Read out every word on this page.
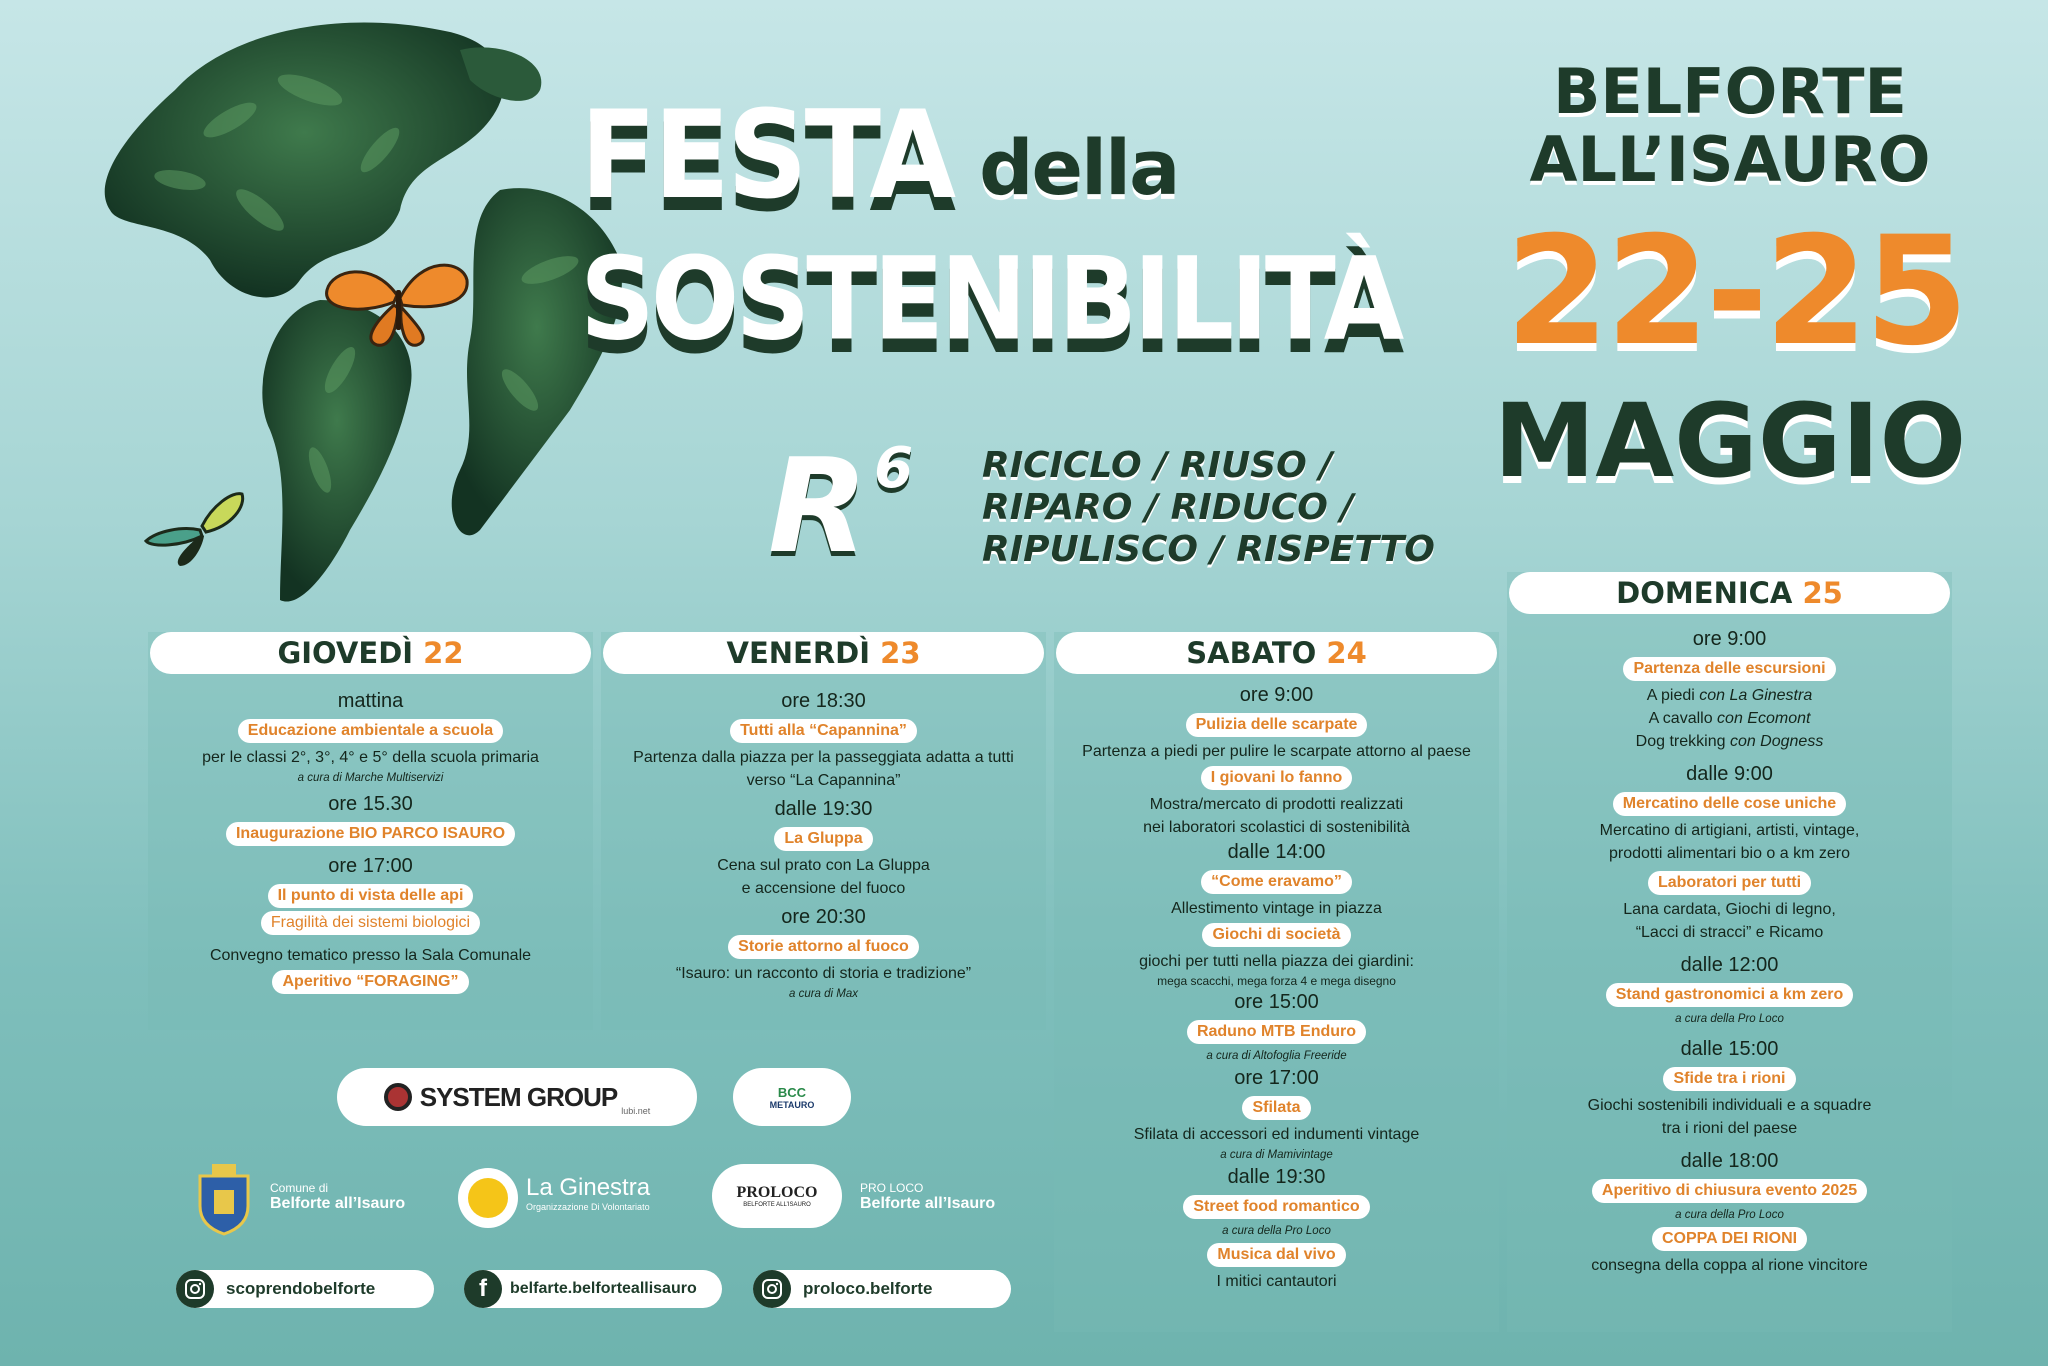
FESTA della
SOSTENIBILITÀ
R $^6$ RICICLO / RIUSO /
RIPARO / RIDUCO /
RIPULISCO / RISPETTO
BELFORTE
ALL’ISAURO
22-25
MAGGIO
GIOVEDÌ 22
mattina
Educazione ambientale a scuola
per le classi 2°, 3°, 4° e 5° della scuola primaria
a cura di Marche Multiservizi
ore 15.30
Inaugurazione BIO PARCO ISAURO
ore 17:00
Il punto di vista delle api
Fragilità dei sistemi biologici
Convegno tematico presso la Sala Comunale
Aperitivo “FORAGING”
VENERDÌ 23
ore 18:30
Tutti alla “Capannina”
Partenza dalla piazza per la passeggiata adatta a tutti
verso “La Capannina”
dalle 19:30
La Gluppa
Cena sul prato con La Gluppa
e accensione del fuoco
ore 20:30
Storie attorno al fuoco
“Isauro: un racconto di storia e tradizione”
a cura di Max
SABATO 24
ore 9:00
Pulizia delle scarpate
Partenza a piedi per pulire le scarpate attorno al paese
I giovani lo fanno
Mostra/mercato di prodotti realizzati
nei laboratori scolastici di sostenibilità
dalle 14:00
“Come eravamo”
Allestimento vintage in piazza
Giochi di società
giochi per tutti nella piazza dei giardini:
mega scacchi, mega forza 4 e mega disegno
ore 15:00
Raduno MTB Enduro
a cura di Altofoglia Freeride
ore 17:00
Sfilata
Sfilata di accessori ed indumenti vintage
a cura di Mamivintage
dalle 19:30
Street food romantico
a cura della Pro Loco
Musica dal vivo
I mitici cantautori
DOMENICA 25
ore 9:00
Partenza delle escursioni
A piedi con La Ginestra
A cavallo con Ecomont
Dog trekking con Dogness
dalle 9:00
Mercatino delle cose uniche
Mercatino di artigiani, artisti, vintage,
prodotti alimentari bio o a km zero
Laboratori per tutti
Lana cardata, Giochi di legno,
“Lacci di stracci” e Ricamo
dalle 12:00
Stand gastronomici a km zero
a cura della Pro Loco
dalle 15:00
Sfide tra i rioni
Giochi sostenibili individuali e a squadre
tra i rioni del paese
dalle 18:00
Aperitivo di chiusura evento 2025
a cura della Pro Loco
COPPA DEI RIONI
consegna della coppa al rione vincitore
SYSTEM GROUP lubi.net
BCC
METAURO
Comune di
Belforte all’Isauro
La Ginestra
Organizzazione Di Volontariato
PROLOCO
BELFORTE ALL’ISAURO
PRO LOCO
Belforte all’Isauro
scoprendobelforte	f belfarte.belforteallisauro	proloco.belforte
